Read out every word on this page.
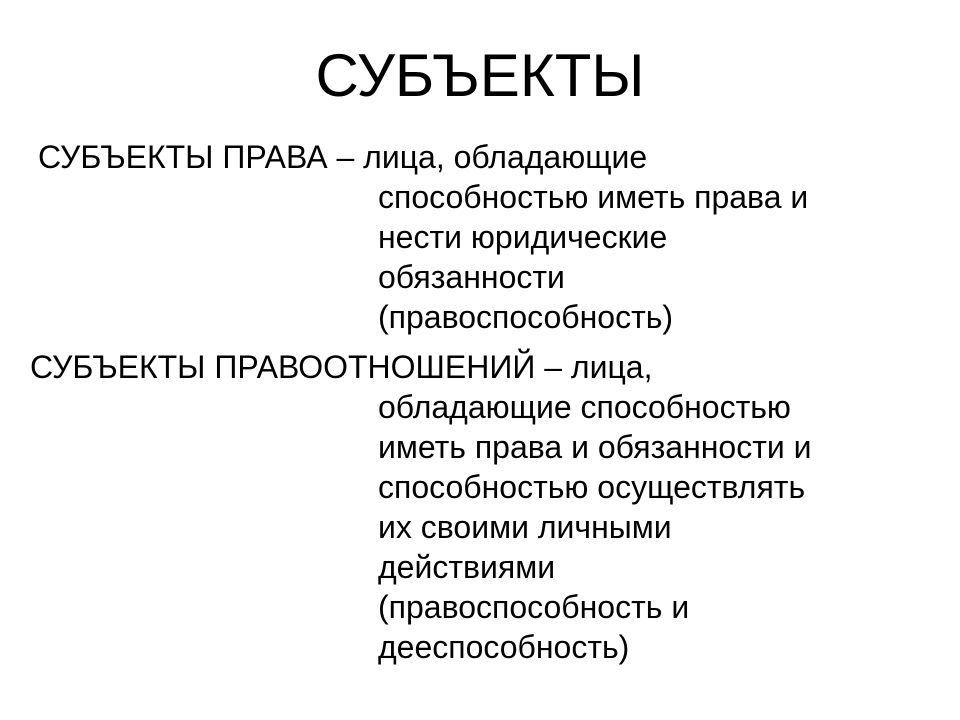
СУБЪЕКТЫ

СУБЪЕКТЫ ПРАВА – лица, обладающие
способностью иметь права и
нести юридические
обязанности
(правоспособность)

СУБЪЕКТЫ ПРАВООТНОШЕНИЙ – лица,
обладающие способностью
иметь права и обязанности и
способностью осуществлять
их своими личными
действиями
(правоспособность и
дееспособность)
